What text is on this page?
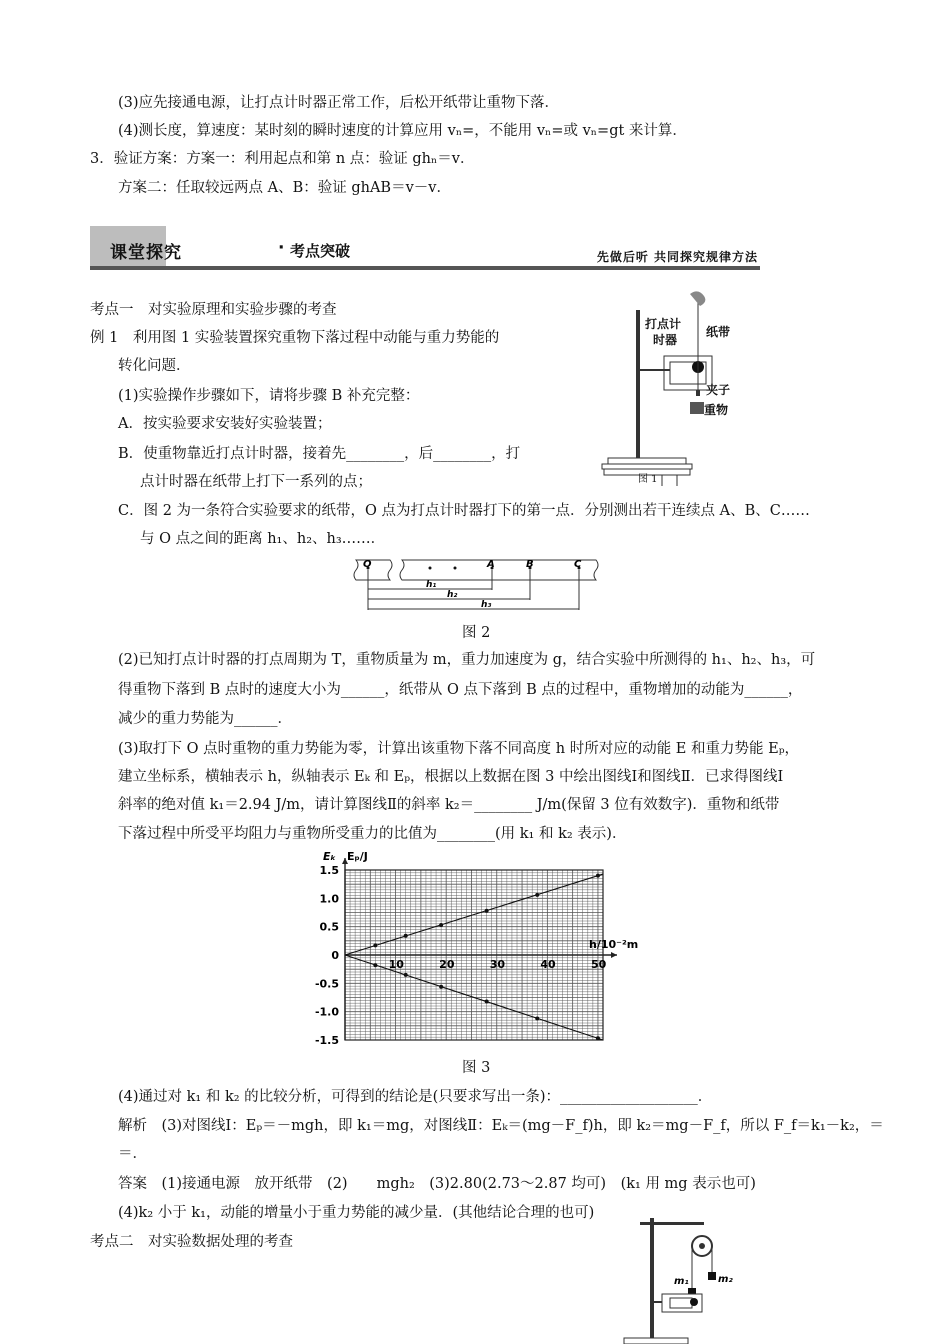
(3)应先接通电源，让打点计时器正常工作，后松开纸带让重物下落．
(4)测长度，算速度：某时刻的瞬时速度的计算应用 vₙ=，不能用 vₙ=或 vₙ=gt 来计算．
3．验证方案：方案一：利用起点和第 n 点：验证 ghₙ＝v．
方案二：任取较远两点 A、B：验证 ghAB＝v－v．
课堂探究	· 考点突破	先做后听 共同探究规律方法
考点一　对实验原理和实验步骤的考查
例 1　利用图 1 实验装置探究重物下落过程中动能与重力势能的
转化问题．
(1)实验操作步骤如下，请将步骤 B 补充完整：
A．按实验要求安装好实验装置；
B．使重物靠近打点计时器，接着先________，后________，打
点计时器在纸带上打下一系列的点；
C．图 2 为一条符合实验要求的纸带，O 点为打点计时器打下的第一点．分别测出若干连续点 A、B、C……
与 O 点之间的距离 h₁、h₂、h₃……．
打点计
时器
纸带
夹子
重物
图 1
O	A	B	C
h₁
h₂
h₃
图 2
(2)已知打点计时器的打点周期为 T，重物质量为 m，重力加速度为 g，结合实验中所测得的 h₁、h₂、h₃，可
得重物下落到 B 点时的速度大小为______，纸带从 O 点下落到 B 点的过程中，重物增加的动能为______，
减少的重力势能为______．
(3)取打下 O 点时重物的重力势能为零，计算出该重物下落不同高度 h 时所对应的动能 E 和重力势能 Eₚ，
建立坐标系，横轴表示 h，纵轴表示 Eₖ 和 Eₚ，根据以上数据在图 3 中绘出图线Ⅰ和图线Ⅱ．已求得图线Ⅰ
斜率的绝对值 k₁＝2.94 J/m，请计算图线Ⅱ的斜率 k₂＝________ J/m(保留 3 位有效数字)．重物和纸带
下落过程中所受平均阻力与重物所受重力的比值为________(用 k₁ 和 k₂ 表示)．
10	20	30	40	50
1.5
1.0
0.5
0
-0.5
-1.0
-1.5
Eₖ Eₚ/J
h/10⁻²m
图 3
(4)通过对 k₁ 和 k₂ 的比较分析，可得到的结论是(只要求写出一条)：___________________．
解析　(3)对图线Ⅰ：Eₚ＝－mgh，即 k₁＝mg，对图线Ⅱ：Eₖ＝(mg－F_f)h，即 k₂＝mg－F_f，所以 F_f＝k₁－k₂，＝
＝．
答案　(1)接通电源　放开纸带　(2)　　mgh₂　(3)2.80(2.73～2.87 均可)　(k₁ 用 mg 表示也可)
(4)k₂ 小于 k₁，动能的增量小于重力势能的减少量．(其他结论合理的也可)
考点二　对实验数据处理的考查
m₁	m₂
